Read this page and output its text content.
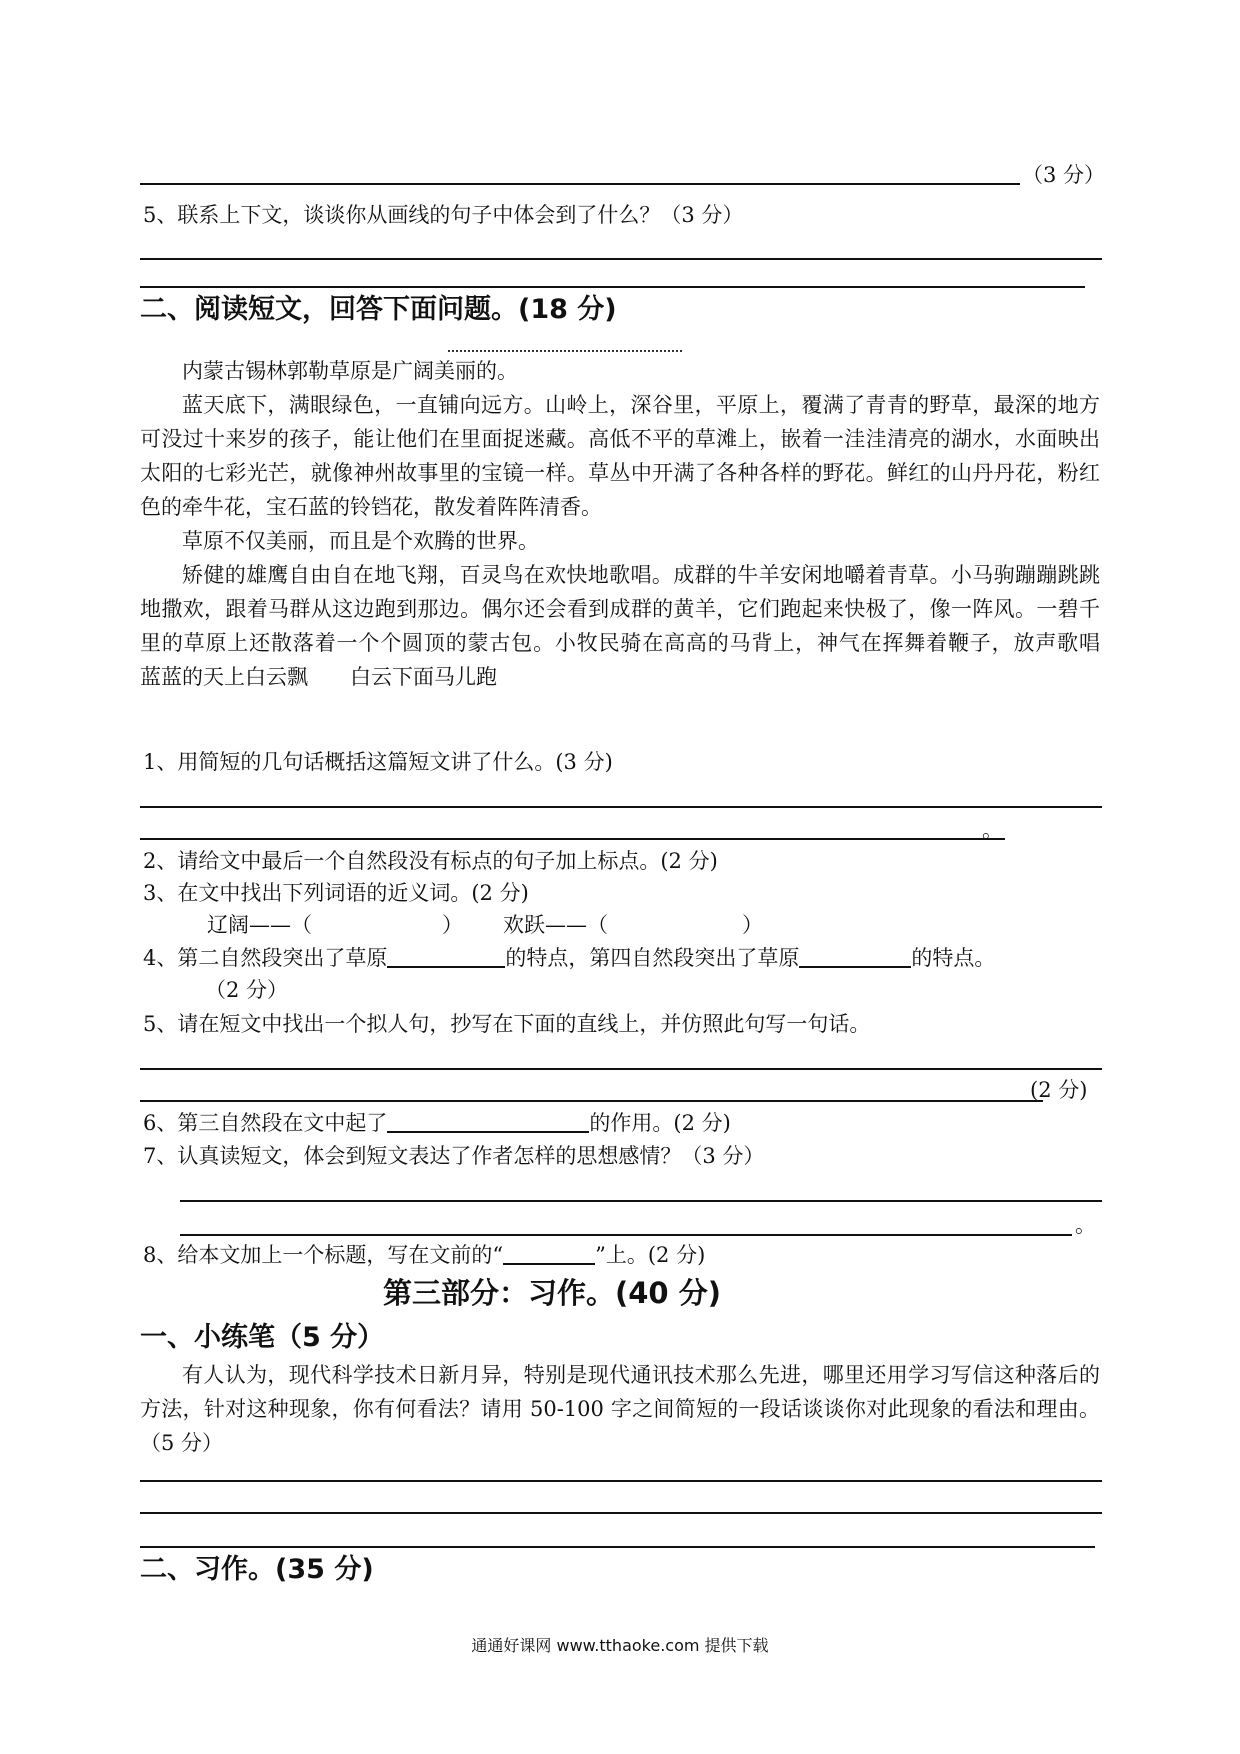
（3 分）
5、联系上下文，谈谈你从画线的句子中体会到了什么？（3 分）
二、阅读短文，回答下面问题。(18 分)

内蒙古锡林郭勒草原是广阔美丽的。

蓝天底下，满眼绿色，一直铺向远方。山岭上，深谷里，平原上，覆满了青青的野草，最深的地方可没过十来岁的孩子，能让他们在里面捉迷藏。高低不平的草滩上，嵌着一洼洼清亮的湖水，水面映出太阳的七彩光芒，就像神州故事里的宝镜一样。草丛中开满了各种各样的野花。鲜红的山丹丹花，粉红色的牵牛花，宝石蓝的铃铛花，散发着阵阵清香。

草原不仅美丽，而且是个欢腾的世界。

矫健的雄鹰自由自在地飞翔，百灵鸟在欢快地歌唱。成群的牛羊安闲地嚼着青草。小马驹蹦蹦跳跳地撒欢，跟着马群从这边跑到那边。偶尔还会看到成群的黄羊，它们跑起来快极了，像一阵风。一碧千里的草原上还散落着一个个圆顶的蒙古包。小牧民骑在高高的马背上，神气在挥舞着鞭子，放声歌唱　　蓝蓝的天上白云飘　　白云下面马儿跑

1、用简短的几句话概括这篇短文讲了什么。(3 分)
。
2、请给文中最后一个自然段没有标点的句子加上标点。(2 分)
3、在文中找出下列词语的近义词。(2 分)
辽阔——（	） 欢跃——（	）
4、第二自然段突出了草原	的特点，第四自然段突出了草原	的特点。
（2 分）
5、请在短文中找出一个拟人句，抄写在下面的直线上，并仿照此句写一句话。
(2 分)
6、第三自然段在文中起了	的作用。(2 分)
7、认真读短文，体会到短文表达了作者怎样的思想感情？（3 分）
。
8、给本文加上一个标题，写在文前的“	”上。(2 分)
第三部分：习作。(40 分)
一、小练笔（5 分）

有人认为，现代科学技术日新月异，特别是现代通讯技术那么先进，哪里还用学习写信这种落后的方法，针对这种现象，你有何看法？请用 50-100 字之间简短的一段话谈谈你对此现象的看法和理由。（5 分）

二、习作。(35 分)
通通好课网 www.tthaoke.com 提供下载
